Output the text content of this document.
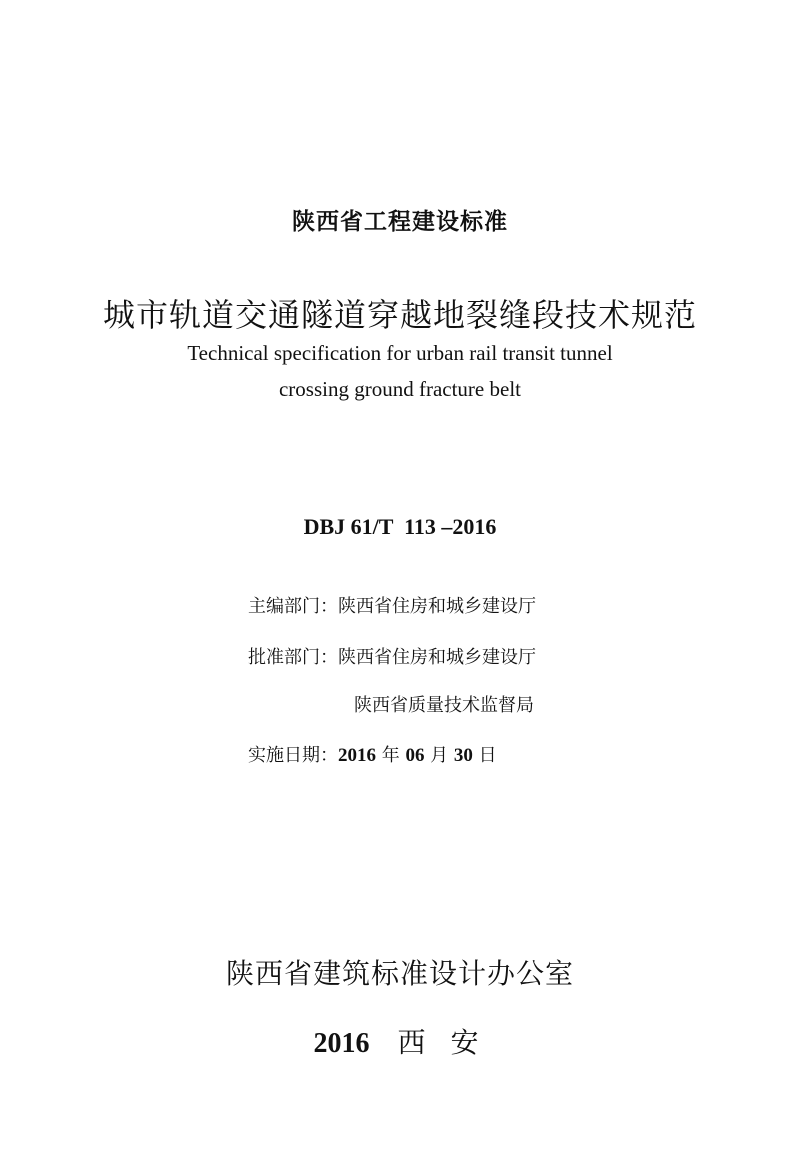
陕西省工程建设标准
城市轨道交通隧道穿越地裂缝段技术规范
Technical specification for urban rail transit tunnel
crossing ground fracture belt
DBJ 61/T  113 –2016
主编部门：陕西省住房和城乡建设厅
批准部门：陕西省住房和城乡建设厅
陕西省质量技术监督局
实施日期：2016 年 06 月 30 日
陕西省建筑标准设计办公室
2016 西 安
